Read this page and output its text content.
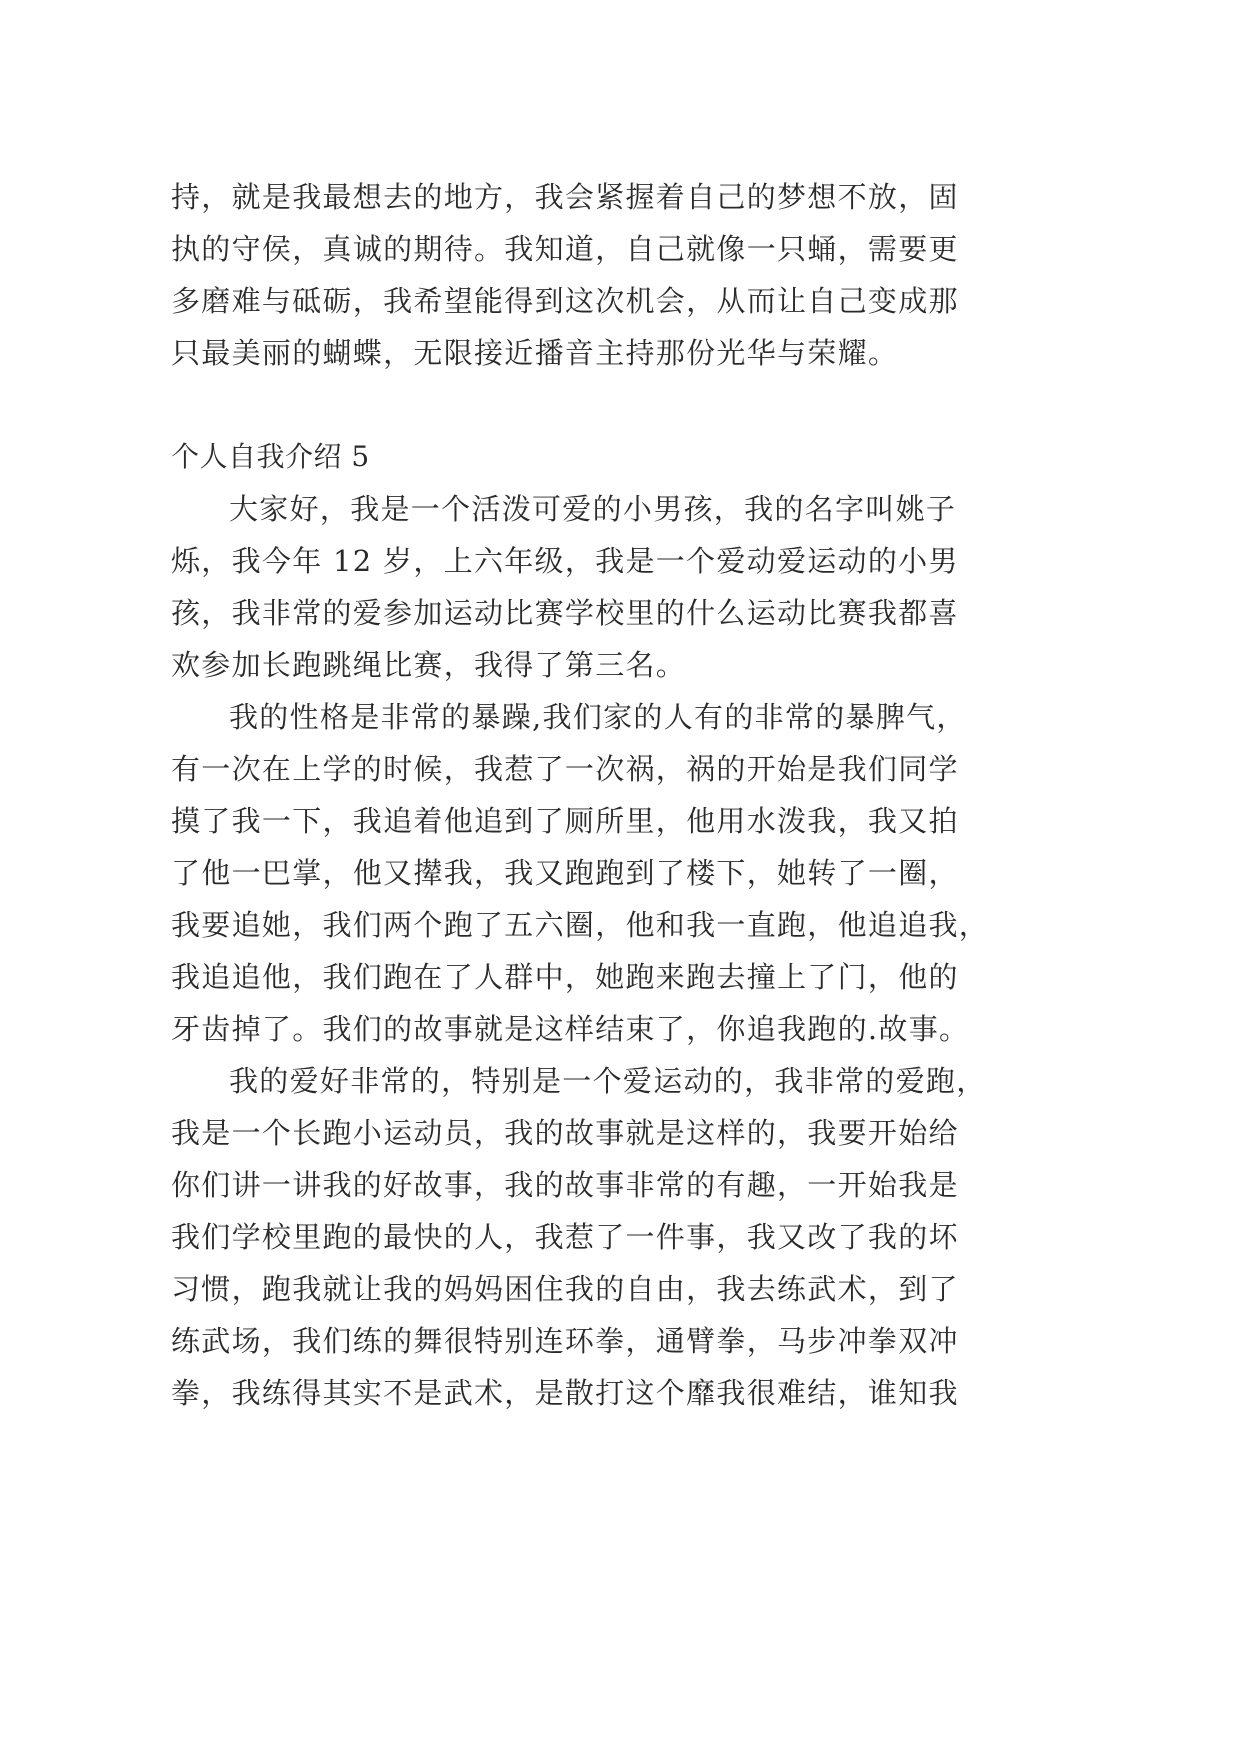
持，就是我最想去的地方，我会紧握着自己的梦想不放，固
执的守侯，真诚的期待。我知道，自己就像一只蛹，需要更
多磨难与砥砺，我希望能得到这次机会，从而让自己变成那
只最美丽的蝴蝶，无限接近播音主持那份光华与荣耀。
个人自我介绍 5
大家好，我是一个活泼可爱的小男孩，我的名字叫姚子
烁，我今年 12 岁，上六年级，我是一个爱动爱运动的小男
孩，我非常的爱参加运动比赛学校里的什么运动比赛我都喜
欢参加长跑跳绳比赛，我得了第三名。
我的性格是非常的暴躁,我们家的人有的非常的暴脾气，
有一次在上学的时候，我惹了一次祸，祸的开始是我们同学
摸了我一下，我追着他追到了厕所里，他用水泼我，我又拍
了他一巴掌，他又撵我，我又跑跑到了楼下，她转了一圈，
我要追她，我们两个跑了五六圈，他和我一直跑，他追追我，
我追追他，我们跑在了人群中，她跑来跑去撞上了门，他的
牙齿掉了。我们的故事就是这样结束了，你追我跑的.故事。
我的爱好非常的，特别是一个爱运动的，我非常的爱跑，
我是一个长跑小运动员，我的故事就是这样的，我要开始给
你们讲一讲我的好故事，我的故事非常的有趣，一开始我是
我们学校里跑的最快的人，我惹了一件事，我又改了我的坏
习惯，跑我就让我的妈妈困住我的自由，我去练武术，到了
练武场，我们练的舞很特别连环拳，通臂拳，马步冲拳双冲
拳，我练得其实不是武术，是散打这个靡我很难结，谁知我
